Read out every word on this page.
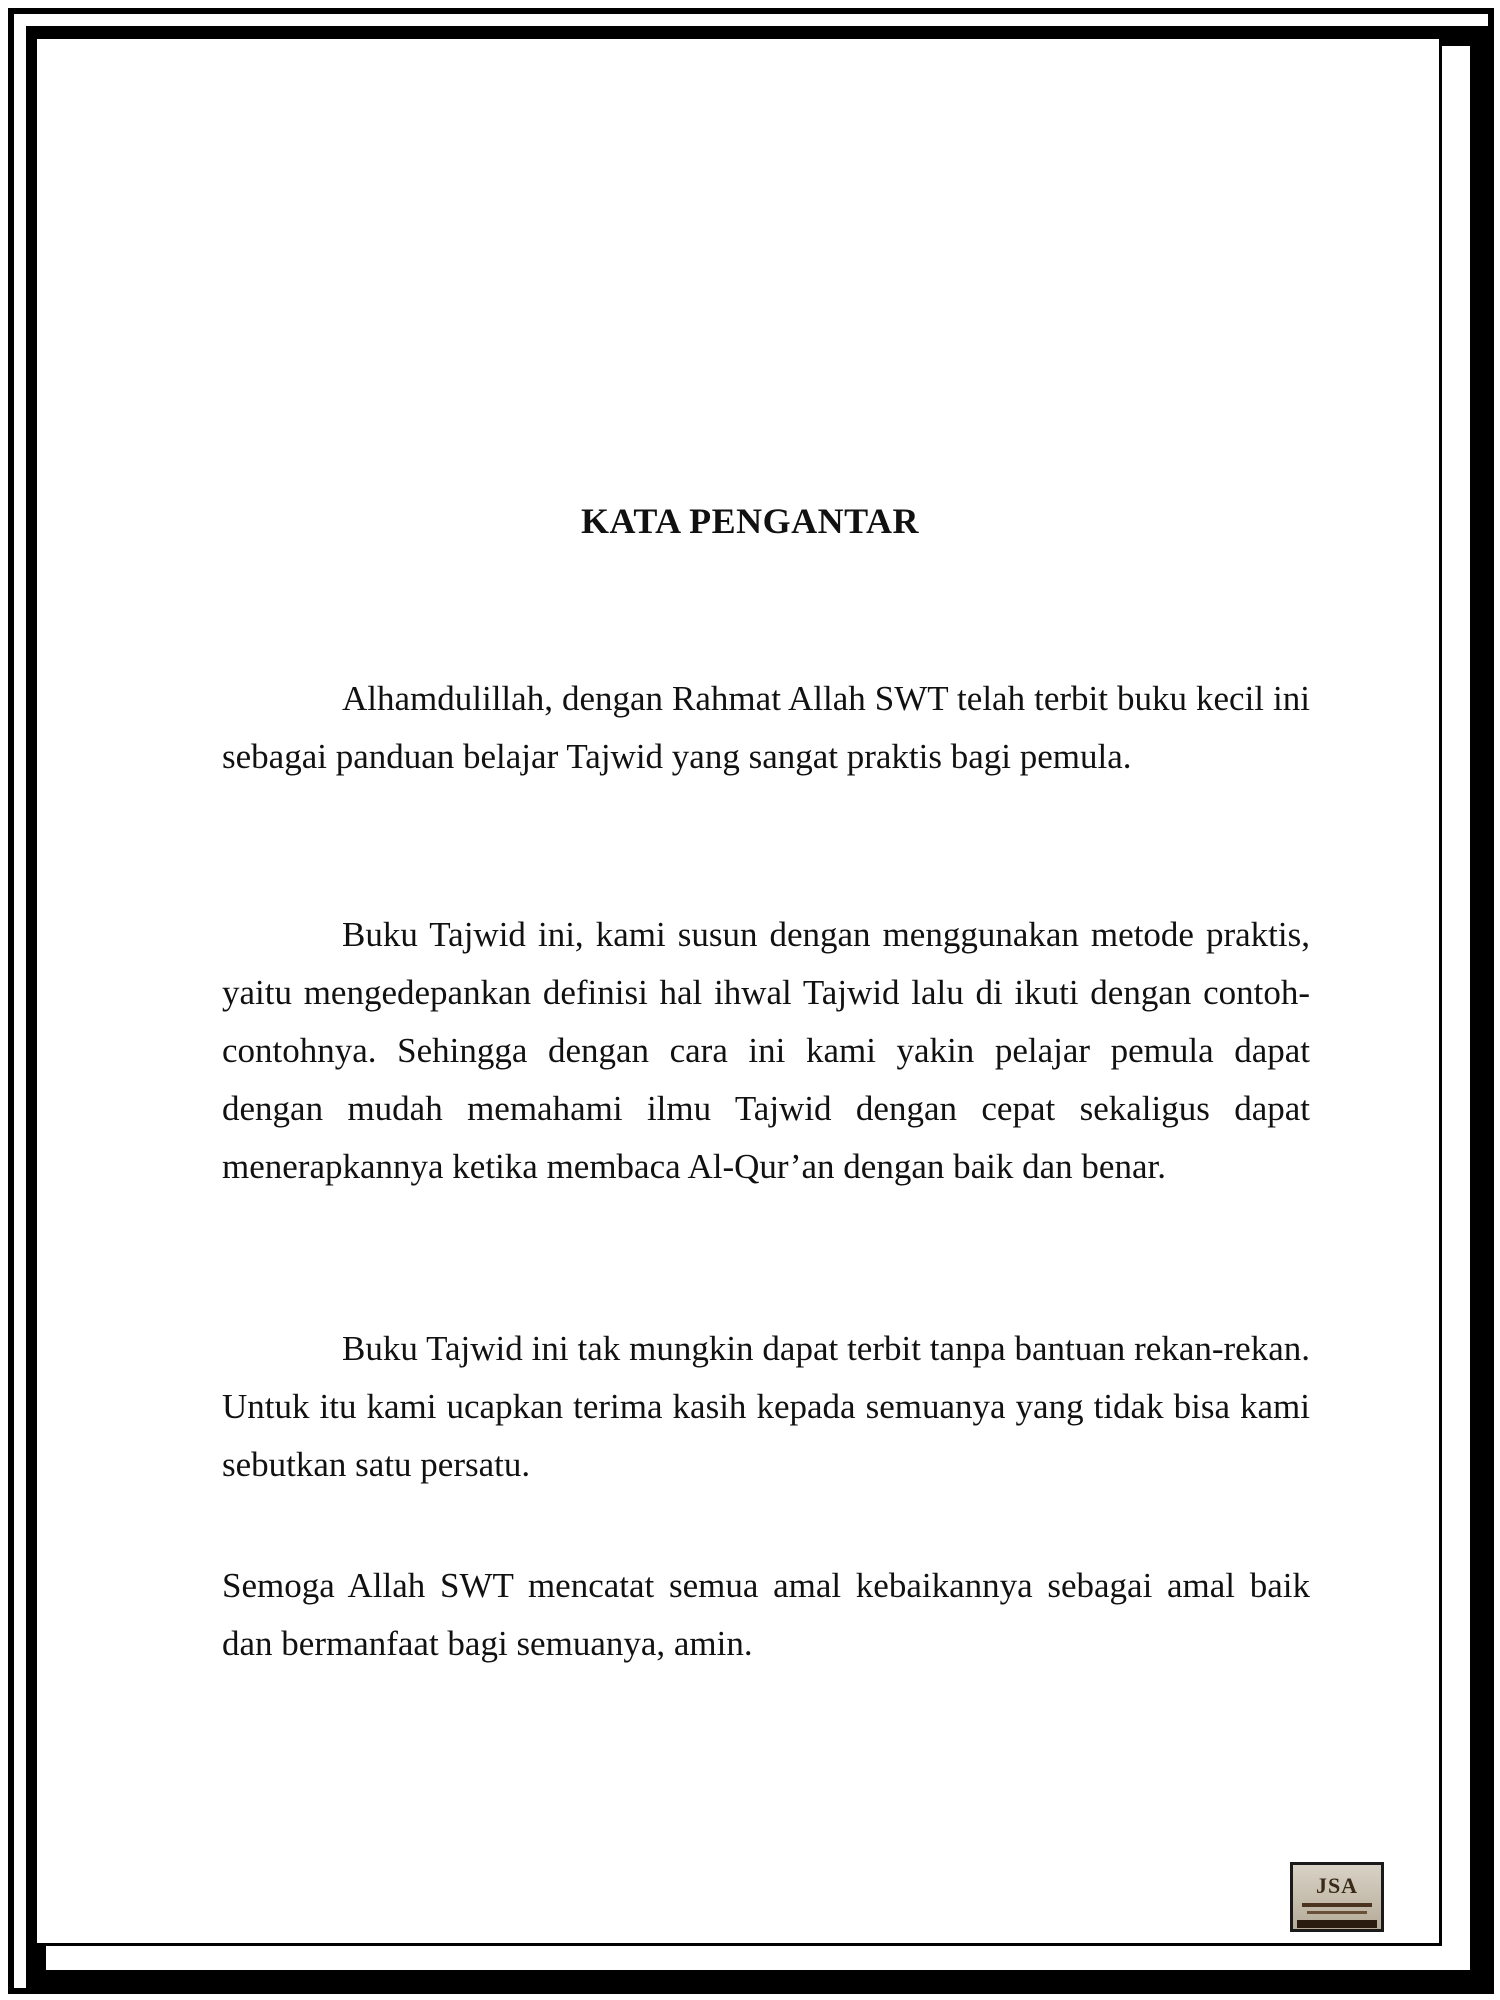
KATA PENGANTAR
Alhamdulillah, dengan Rahmat Allah SWT telah terbit buku kecil ini sebagai panduan belajar Tajwid yang sangat praktis bagi pemula.
Buku Tajwid ini, kami susun dengan menggunakan metode praktis, yaitu mengedepankan definisi hal ihwal Tajwid lalu di ikuti dengan contoh-contohnya. Sehingga dengan cara ini kami yakin pelajar pemula dapat dengan mudah memahami ilmu Tajwid dengan cepat sekaligus dapat menerapkannya ketika membaca Al-Qur’an dengan baik dan benar.
Buku Tajwid ini tak mungkin dapat terbit tanpa bantuan rekan-rekan. Untuk itu kami ucapkan terima kasih kepada semuanya yang tidak bisa kami sebutkan satu persatu.
Semoga Allah SWT mencatat semua amal kebaikannya sebagai amal baik dan bermanfaat bagi semuanya, amin.
JSA
